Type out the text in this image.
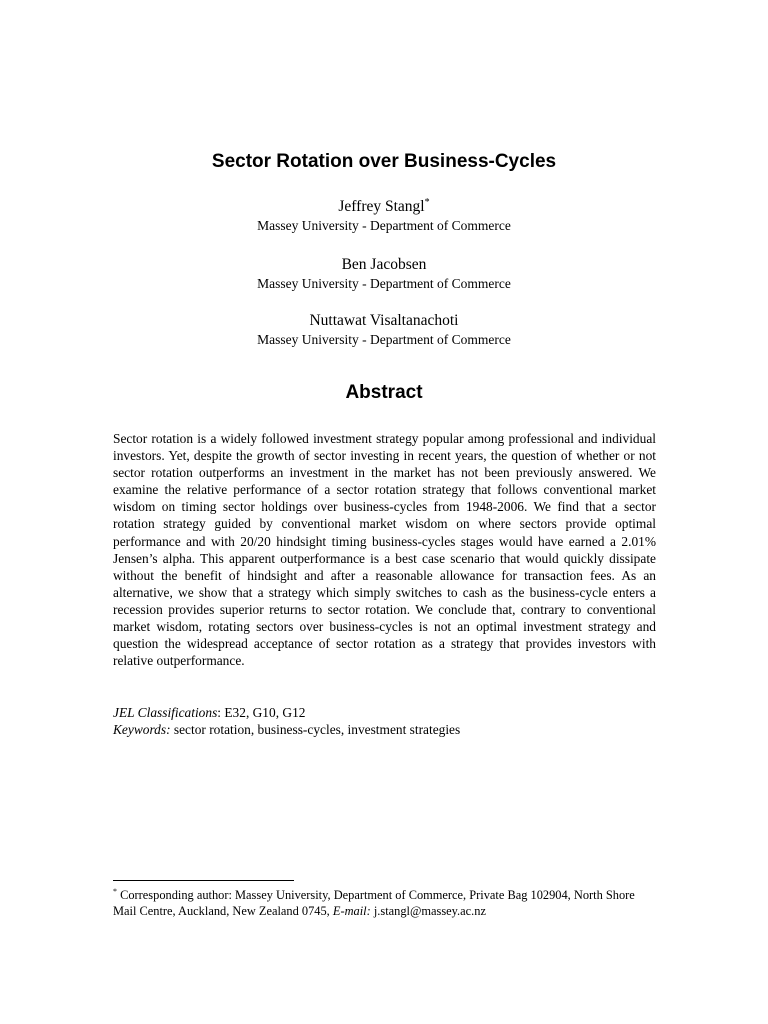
Sector Rotation over Business-Cycles
Jeffrey Stangl*
Massey University - Department of Commerce
Ben Jacobsen
Massey University - Department of Commerce
Nuttawat Visaltanachoti
Massey University - Department of Commerce
Abstract

Sector rotation is a widely followed investment strategy popular among professional and individual investors. Yet, despite the growth of sector investing in recent years, the question of whether or not sector rotation outperforms an investment in the market has not been previously answered. We examine the relative performance of a sector rotation strategy that follows conventional market wisdom on timing sector holdings over business-cycles from 1948-2006. We find that a sector rotation strategy guided by conventional market wisdom on where sectors provide optimal performance and with 20/20 hindsight timing business-cycles stages would have earned a 2.01% Jensen’s alpha. This apparent outperformance is a best case scenario that would quickly dissipate without the benefit of hindsight and after a reasonable allowance for transaction fees. As an alternative, we show that a strategy which simply switches to cash as the business-cycle enters a recession provides superior returns to sector rotation. We conclude that, contrary to conventional market wisdom, rotating sectors over business-cycles is not an optimal investment strategy and question the widespread acceptance of sector rotation as a strategy that provides investors with relative outperformance.

JEL Classifications: E32, G10, G12
Keywords: sector rotation, business-cycles, investment strategies
* Corresponding author: Massey University, Department of Commerce, Private Bag 102904, North Shore Mail Centre, Auckland, New Zealand 0745, E-mail: j.stangl@massey.ac.nz
